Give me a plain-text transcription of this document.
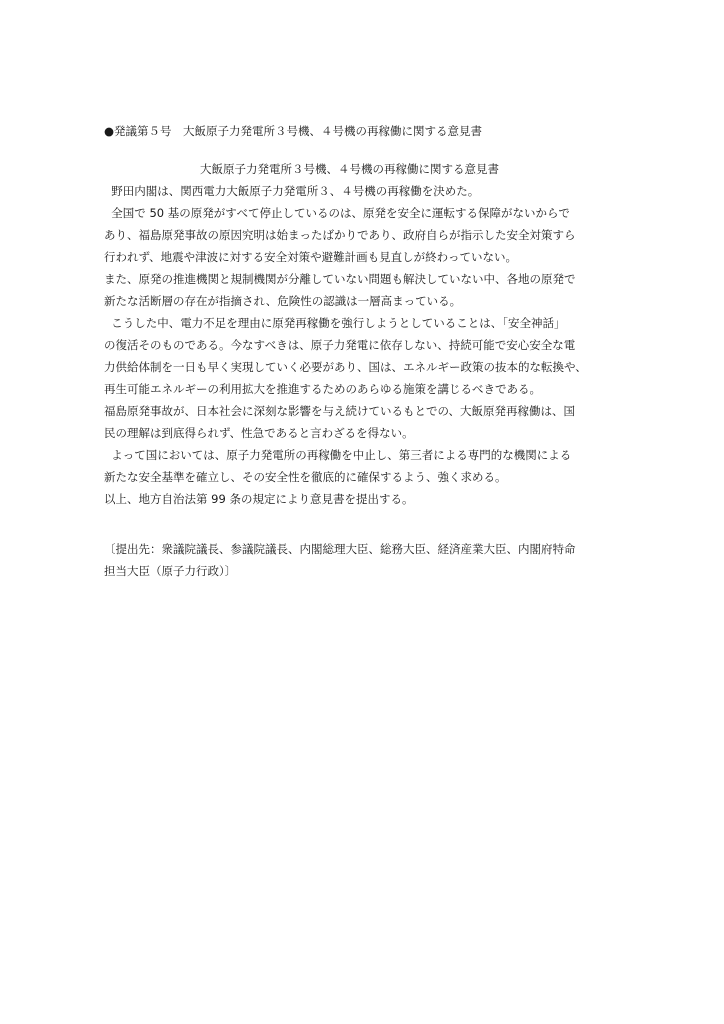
●発議第５号　大飯原子力発電所３号機、４号機の再稼働に関する意見書
大飯原子力発電所３号機、４号機の再稼働に関する意見書

野田内閣は、関西電力大飯原子力発電所３、４号機の再稼働を決めた。

全国で 50 基の原発がすべて停止しているのは、原発を安全に運転する保障がないからで

あり、福島原発事故の原因究明は始まったばかりであり、政府自らが指示した安全対策すら

行われず、地震や津波に対する安全対策や避難計画も見直しが終わっていない。

また、原発の推進機関と規制機関が分離していない問題も解決していない中、各地の原発で

新たな活断層の存在が指摘され、危険性の認識は一層高まっている。

こうした中、電力不足を理由に原発再稼働を強行しようとしていることは、「安全神話」

の復活そのものである。今なすべきは、原子力発電に依存しない、持続可能で安心安全な電

力供給体制を一日も早く実現していく必要があり、国は、エネルギー政策の抜本的な転換や、

再生可能エネルギーの利用拡大を推進するためのあらゆる施策を講じるべきである。

福島原発事故が、日本社会に深刻な影響を与え続けているもとでの、大飯原発再稼働は、国

民の理解は到底得られず、性急であると言わざるを得ない。

よって国においては、原子力発電所の再稼働を中止し、第三者による専門的な機関による

新たな安全基準を確立し、その安全性を徹底的に確保するよう、強く求める。

以上、地方自治法第 99 条の規定により意見書を提出する。

〔提出先：衆議院議長、参議院議長、内閣総理大臣、総務大臣、経済産業大臣、内閣府特命

担当大臣（原子力行政）〕
